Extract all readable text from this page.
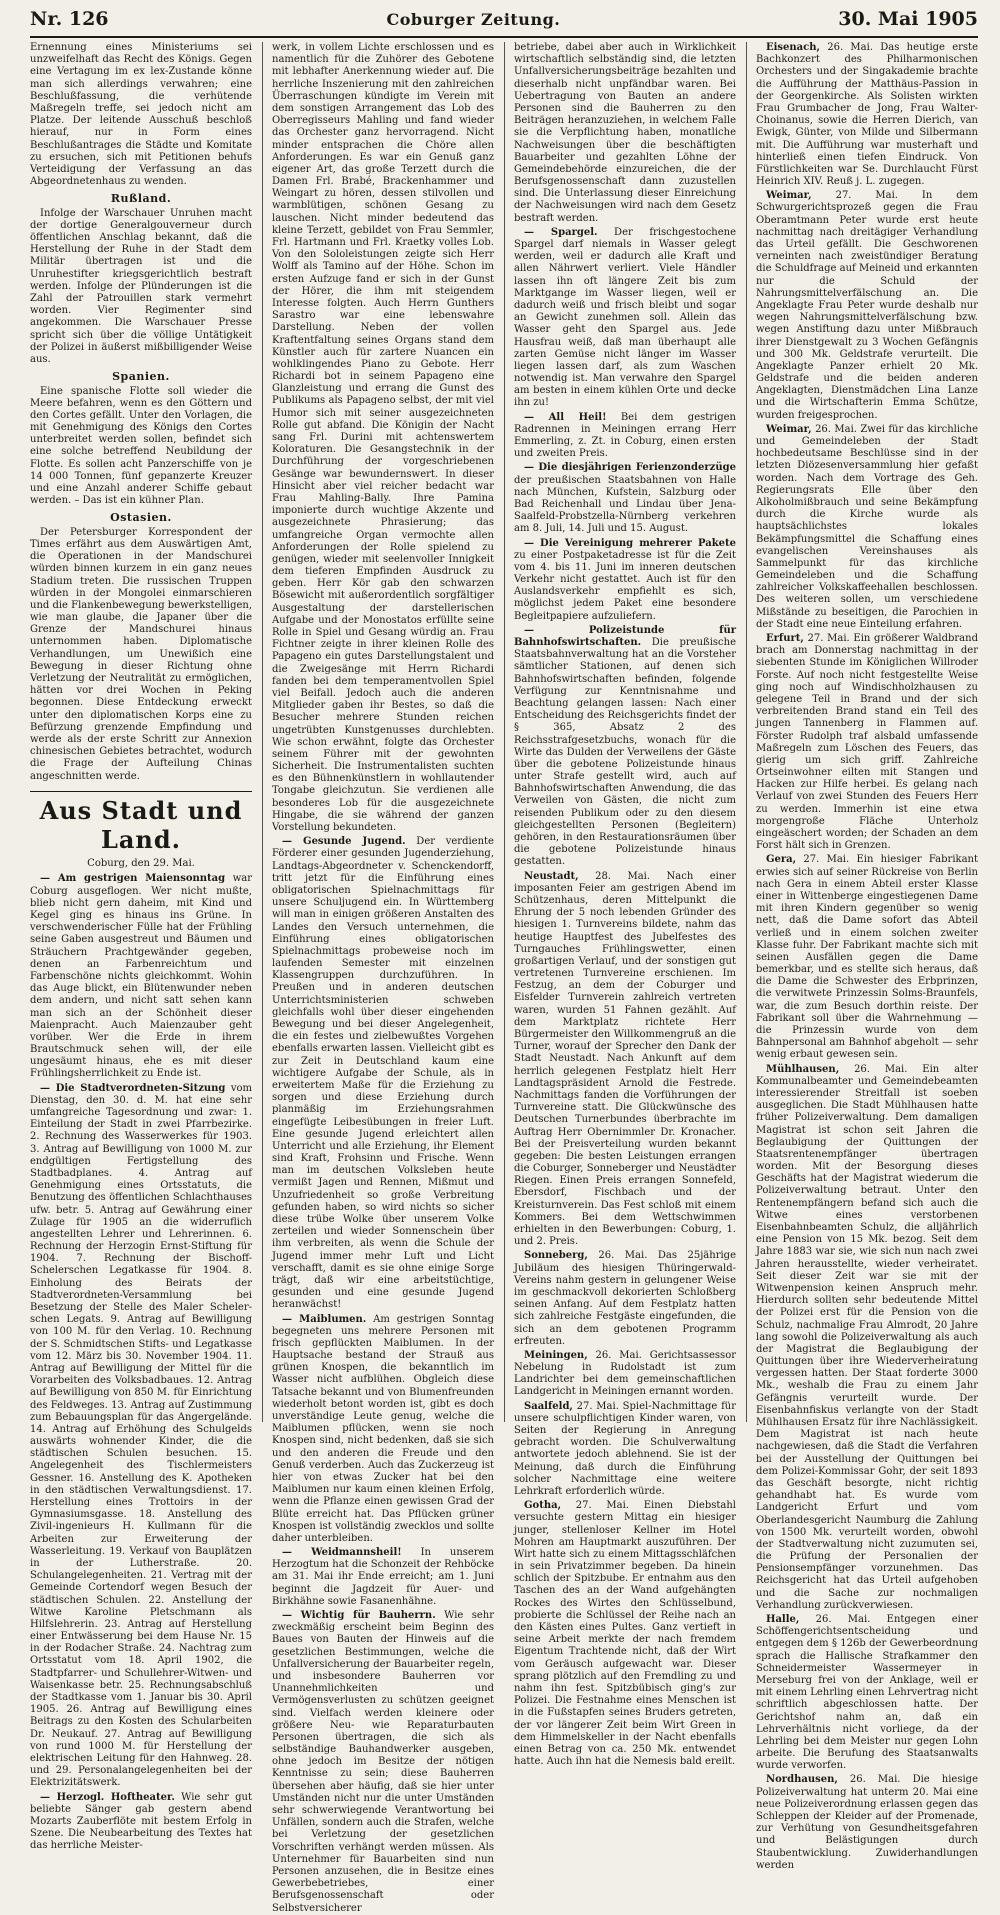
Nr. 126	Coburger Zeitung.	30. Mai 1905

Ernennung eines Ministeriums sei unzweifelhaft das Recht des Königs. Gegen eine Vertagung im ex lex-Zustande könne man sich allerdings verwahren; eine Beschlußfassung, die verhütende Maßregeln treffe, sei jedoch nicht am Platze. Der leitende Ausschuß beschloß hierauf, nur in Form eines Beschlußantrages die Städte und Komitate zu ersuchen, sich mit Petitionen behufs Verteidigung der Verfassung an das Abgeordnetenhaus zu wenden.

Rußland.

Infolge der Warschauer Unruhen macht der dortige Generalgouverneur durch öffentlichen Anschlag bekannt, daß die Herstellung der Ruhe in der Stadt dem Militär übertragen ist und die Unruhestifter kriegsgerichtlich bestraft werden. Infolge der Plünderungen ist die Zahl der Patrouillen stark vermehrt worden. Vier Regimenter sind angekommen. Die Warschauer Presse spricht sich über die völlige Untätigkeit der Polizei in äußerst mißbilligender Weise aus.

Spanien.

Eine spanische Flotte soll wieder die Meere befahren, wenn es den Göttern und den Cortes gefällt. Unter den Vorlagen, die mit Genehmigung des Königs den Cortes unterbreitet werden sollen, befindet sich eine solche betreffend Neubildung der Flotte. Es sollen acht Panzerschiffe von je 14 000 Tonnen, fünf gepanzerte Kreuzer und eine Anzahl anderer Schiffe gebaut werden. – Das ist ein kühner Plan.

Ostasien.

Der Petersburger Korrespondent der Times erfährt aus dem Auswärtigen Amt, die Operationen in der Mandschurei würden binnen kurzem in ein ganz neues Stadium treten. Die russischen Truppen würden in der Mongolei einmarschieren und die Flankenbewegung bewerkstelligen, wie man glaube, die Japaner über die Grenze der Mandschurei hinaus unternommen haben. Diplomatische Verhandlungen, um Unewißich eine Bewegung in dieser Richtung ohne Verletzung der Neutralität zu ermöglichen, hätten vor drei Wochen in Peking begonnen. Diese Entdeckung erweckt unter den diplomatischen Korps eine zu Befürzung grenzende Empfindung und werde als der erste Schritt zur Annexion chinesischen Gebietes betrachtet, wodurch die Frage der Aufteilung Chinas angeschnitten werde.

Aus Stadt und Land.
Coburg, den 29. Mai.

— Am gestrigen Maiensonntag war Coburg ausgeflogen. Wer nicht mußte, blieb nicht gern daheim, mit Kind und Kegel ging es hinaus ins Grüne. In verschwenderischer Fülle hat der Frühling seine Gaben ausgestreut und Bäumen und Sträuchern Prachtgewänder gegeben, denen an Farbenreichtum und Farbenschöne nichts gleichkommt. Wohin das Auge blickt, ein Blütenwunder neben dem andern, und nicht satt sehen kann man sich an der Schönheit dieser Maienpracht. Auch Maienzauber geht vorüber. Wer die Erde in ihrem Brautschmuck sehen will, der eile ungesäumt hinaus, ehe es mit dieser Frühlingsherrlichkeit zu Ende ist.

— Die Stadtverordneten-Sitzung vom Dienstag, den 30. d. M. hat eine sehr umfangreiche Tagesordnung und zwar: 1. Einteilung der Stadt in zwei Pfarrbezirke. 2. Rechnung des Wasserwerkes für 1903. 3. Antrag auf Bewilligung von 1000 M. zur endgültigen Fertigstellung des Stadtbadplanes. 4. Antrag auf Genehmigung eines Ortsstatuts, die Benutzung des öffentlichen Schlachthauses ufw. betr. 5. Antrag auf Gewährung einer Zulage für 1905 an die widerruflich angestellten Lehrer und Lehrerinnen. 6. Rechnung der Herzogin Ernst-Stiftung für 1904. 7. Rechnung der Bischoff-Schelerschen Legatkasse für 1904. 8. Einholung des Beirats der Stadtverordneten-Versammlung bei Besetzung der Stelle des Maler Scheler-schen Legats. 9. Antrag auf Bewilligung von 100 M. für den Verlag. 10. Rechnung der S. Schmidtschen Stifts- und Legatkasse vom 12. März bis 30. November 1904. 11. Antrag auf Bewilligung der Mittel für die Vorarbeiten des Volksbadbaues. 12. Antrag auf Bewilligung von 850 M. für Einrichtung des Feldweges. 13. Antrag auf Zustimmung zum Bebauungsplan für das Angergelände. 14. Antrag auf Erhöhung des Schulgelds auswärts wohnender Kinder, die die städtischen Schulen besuchen. 15. Angelegenheit des Tischlermeisters Gessner. 16. Anstellung des K. Apotheken in den städtischen Verwaltungsdienst. 17. Herstellung eines Trottoirs in der Gymnasiumsgasse. 18. Anstellung des Zivil-ingenieurs H. Kullmann für die Arbeiten zur Erweiterung der Wasserleitung. 19. Verkauf von Bauplätzen in der Lutherstraße. 20. Schulangelegenheiten. 21. Vertrag mit der Gemeinde Cortendorf wegen Besuch der städtischen Schulen. 22. Anstellung der Witwe Karoline Pletschmann als Hilfslehrerin. 23. Antrag auf Herstellung einer Entwässerung bei dem Hause Nr. 15 in der Rodacher Straße. 24. Nachtrag zum Ortsstatut vom 18. April 1902, die Stadtpfarrer- und Schullehrer-Witwen- und Waisenkasse betr. 25. Rechnungsabschluß der Stadtkasse vom 1. Januar bis 30. April 1905. 26. Antrag auf Bewilligung eines Beitrags zu den Kosten des Schularbeiten Dr. Neukauf. 27. Antrag auf Bewilligung von rund 1000 M. für Herstellung der elektrischen Leitung für den Hahnweg. 28. und 29. Personalangelegenheiten bei der Elektrizitätswerk.

— Herzogl. Hoftheater. Wie sehr gut beliebte Sänger gab gestern abend Mozarts Zauberflöte mit bestem Erfolg in Szene. Die Neubearbeitung des Textes hat das herrliche Meister-

werk, in vollem Lichte erschlossen und es namentlich für die Zuhörer des Gebotene mit lebhafter Anerkennung wieder auf. Die herrliche Inszenierung mit den zahlreichen Überraschungen kündigte im Verein mit dem sonstigen Arrangement das Lob des Oberregisseurs Mahling und fand wieder das Orchester ganz hervorragend. Nicht minder entsprachen die Chöre allen Anforderungen. Es war ein Genuß ganz eigener Art, das große Terzett durch die Damen Frl. Brabé, Brackenhammer und Weingart zu hören, dessen stilvollen und warmblütigen, schönen Gesang zu lauschen. Nicht minder bedeutend das kleine Terzett, gebildet von Frau Semmler, Frl. Hartmann und Frl. Kraetky volles Lob. Von den Sololeistungen zeigte sich Herr Wolff als Tamino auf der Höhe. Schon im ersten Aufzuge fand er sich in der Gunst der Hörer, die ihm mit steigendem Interesse folgten. Auch Herrn Gunthers Sarastro war eine lebenswahre Darstellung. Neben der vollen Kraftentfaltung seines Organs stand dem Künstler auch für zartere Nuancen ein wohlklingendes Piano zu Gebote. Herr Richardi bot in seinem Papageno eine Glanzleistung und errang die Gunst des Publikums als Papageno selbst, der mit viel Humor sich mit seiner ausgezeichneten Rolle gut abfand. Die Königin der Nacht sang Frl. Durini mit achtenswertem Koloraturen. Die Gesangstechnik in der Durchführung der vorgeschriebenen Gesänge war bewundernswert. In dieser Hinsicht aber viel reicher bedacht war Frau Mahling-Bally. Ihre Pamina imponierte durch wuchtige Akzente und ausgezeichnete Phrasierung; das umfangreiche Organ vermochte allen Anforderungen der Rolle spielend zu genügen, wieder mit seelenvoller Innigkeit dem tieferen Empfinden Ausdruck zu geben. Herr Kör gab den schwarzen Bösewicht mit außerordentlich sorgfältiger Ausgestaltung der darstellerischen Aufgabe und der Monostatos erfüllte seine Rolle in Spiel und Gesang würdig an. Frau Fichtner zeigte in ihrer kleinen Rolle des Papageno ein gutes Darstellungstalent und die Zweigesänge mit Herrn Richardi fanden bei dem temperamentvollen Spiel viel Beifall. Jedoch auch die anderen Mitglieder gaben ihr Bestes, so daß die Besucher mehrere Stunden reichen ungetrübten Kunstgenusses durchlebten. Wie schon erwähnt, folgte das Orchester seinem Führer mit der gewohnten Sicherheit. Die Instrumentalisten suchten es den Bühnenkünstlern in wohllautender Tongabe gleichzutun. Sie verdienen alle besonderes Lob für die ausgezeichnete Hingabe, die sie während der ganzen Vorstellung bekundeten.

— Gesunde Jugend. Der verdiente Förderer einer gesunden Jugenderziehung, Landtags-Abgeordneter v. Schenckendorff, tritt jetzt für die Einführung eines obligatorischen Spielnachmittags für unsere Schuljugend ein. In Württemberg will man in einigen größeren Anstalten des Landes den Versuch unternehmen, die Einführung eines obligatorischen Spielnachmittags probeweise noch im laufenden Semester mit einzelnen Klassengruppen durchzuführen. In Preußen und in anderen deutschen Unterrichtsministerien schweben gleichfalls wohl über dieser eingehenden Bewegung und bei dieser Angelegenheit, die ein festes und zielbewußtes Vorgehen ebenfalls erwarten lassen. Vielleicht gibt es zur Zeit in Deutschland kaum eine wichtigere Aufgabe der Schule, als in erweitertem Maße für die Erziehung zu sorgen und diese Erziehung durch planmäßig im Erziehungsrahmen eingefügte Leibesübungen in freier Luft. Eine gesunde Jugend erleichtert allen Unterricht und alle Erziehung, ihr Element sind Kraft, Frohsinn und Frische. Wenn man im deutschen Volksleben heute vermißt Jagen und Rennen, Mißmut und Unzufriedenheit so große Verbreitung gefunden haben, so wird nichts so sicher diese trübe Wolke über unserem Volke zerteilen und wieder Sonnenschein über ihm verbreiten, als wenn die Schule der Jugend immer mehr Luft und Licht verschafft, damit es sie ohne einige Sorge trägt, daß wir eine arbeitstüchtige, gesunden und eine gesunde Jugend heranwächst!

— Maiblumen. Am gestrigen Sonntag begegneten uns mehrere Personen mit frisch gepflückten Maiblumen. In der Hauptsache bestand der Strauß aus grünen Knospen, die bekanntlich im Wasser nicht aufblühen. Obgleich diese Tatsache bekannt und von Blumenfreunden wiederholt betont worden ist, gibt es doch unverständige Leute genug, welche die Maiblumen pflücken, wenn sie noch Knospen sind, nicht bedenken, daß sie sich und den anderen die Freude und den Genuß verderben. Auch das Zuckerzeug ist hier von etwas Zucker hat bei den Maiblumen nur kaum einen kleinen Erfolg, wenn die Pflanze einen gewissen Grad der Blüte erreicht hat. Das Pflücken grüner Knospen ist vollständig zwecklos und sollte daher unterbleiben.

— Weidmannsheil! In unserem Herzogtum hat die Schonzeit der Rehböcke am 31. Mai ihr Ende erreicht; am 1. Juni beginnt die Jagdzeit für Auer- und Birkhähne sowie Fasanenhähne.

— Wichtig für Bauherrn. Wie sehr zweckmäßig erscheint beim Beginn des Baues von Bauten der Hinweis auf die gesetzlichen Bestimmungen, welche die Unfallversicherung der Bauarbeiter regeln, und insbesondere Bauherren vor Unannehmlichkeiten und Vermögensverlusten zu schützen geeignet sind. Vielfach werden kleinere oder größere Neu- wie Reparaturbauten Personen übertragen, die sich als selbständige Bauhandwerker ausgeben, ohne jedoch im Besitze der nötigen Kenntnisse zu sein; diese Bauherren übersehen aber häufig, daß sie hier unter Umständen nicht nur die unter Umständen sehr schwerwiegende Verantwortung bei Unfällen, sondern auch die Strafen, welche bei Verletzung der gesetzlichen Vorschriften verhängt werden müssen. Als Unternehmer für Bauarbeiten sind nun Personen anzusehen, die in Besitze eines Gewerbebetriebes, einer Berufsgenossenschaft oder Selbstversicherer

betriebe, dabei aber auch in Wirklichkeit wirtschaftlich selbständig sind, die letzten Unfallversicherungsbeiträge bezahlten und dieserhalb nicht unpfändbar waren. Bei Uebertragung von Bauten an andere Personen sind die Bauherren zu den Beiträgen heranzuziehen, in welchem Falle sie die Verpflichtung haben, monatliche Nachweisungen über die beschäftigten Bauarbeiter und gezahlten Löhne der Gemeindebehörde einzureichen, die der Berufsgenossenschaft dann zuzustellen sind. Die Unterlassung dieser Einreichung der Nachweisungen wird nach dem Gesetz bestraft werden.

— Spargel. Der frischgestochene Spargel darf niemals in Wasser gelegt werden, weil er dadurch alle Kraft und allen Nährwert verliert. Viele Händler lassen ihn oft längere Zeit bis zum Marktgange im Wasser liegen, weil er dadurch weiß und frisch bleibt und sogar an Gewicht zunehmen soll. Allein das Wasser geht den Spargel aus. Jede Hausfrau weiß, daß man überhaupt alle zarten Gemüse nicht länger im Wasser liegen lassen darf, als zum Waschen notwendig ist. Man verwahre den Spargel am besten in einem kühlen Orte und decke ihn zu!

— All Heil! Bei dem gestrigen Radrennen in Meiningen errang Herr Emmerling, z. Zt. in Coburg, einen ersten und zweiten Preis.

— Die diesjährigen Ferienzonderzüge der preußischen Staatsbahnen von Halle nach München, Kufstein, Salzburg oder Bad Reichenhall und Lindau über Jena-Saalfeld-Probstzella-Nürnberg verkehren am 8. Juli, 14. Juli und 15. August.

— Die Vereinigung mehrerer Pakete zu einer Postpaketadresse ist für die Zeit vom 4. bis 11. Juni im inneren deutschen Verkehr nicht gestattet. Auch ist für den Auslandsverkehr empfiehlt es sich, möglichst jedem Paket eine besondere Begleitpapiere aufzuliefern.

— Polizeistunde für Bahnhofswirtschaften. Die preußische Staatsbahnverwaltung hat an die Vorsteher sämtlicher Stationen, auf denen sich Bahnhofswirtschaften befinden, folgende Verfügung zur Kenntnisnahme und Beachtung gelangen lassen: Nach einer Entscheidung des Reichsgerichts findet der § 365, Absatz 2 des Reichsstrafgesetzbuchs, wonach für die Wirte das Dulden der Verweilens der Gäste über die gebotene Polizeistunde hinaus unter Strafe gestellt wird, auch auf Bahnhofswirtschaften Anwendung, die das Verweilen von Gästen, die nicht zum reisenden Publikum oder zu den diesem gleichgestellten Personen (Begleitern) gehören, in den Restaurationsräumen über die gebotene Polizeistunde hinaus gestatten.

Neustadt, 28. Mai. Nach einer imposanten Feier am gestrigen Abend im Schützenhaus, deren Mittelpunkt die Ehrung der 5 noch lebenden Gründer des hiesigen 1. Turnvereins bildete, nahm das heutige Hauptfest des Jubelfestes des Turngauches Frühlingswetter, einen großartigen Verlauf, und der sonstigen gut vertretenen Turnvereine erschienen. Im Festzug, an dem der Coburger und Eisfelder Turnverein zahlreich vertreten waren, wurden 51 Fahnen gezählt. Auf dem Marktplatz richtete Herr Bürgermeister den Willkommengruß an die Turner, worauf der Sprecher den Dank der Stadt Neustadt. Nach Ankunft auf dem herrlich gelegenen Festplatz hielt Herr Landtagspräsident Arnold die Festrede. Nachmittags fanden die Vorführungen der Turnvereine statt. Die Glückwünsche des Deutschen Turnerbundes überbrachte im Auftrag Herr Obernimmler Dr. Kronacher. Bei der Preisverteilung wurden bekannt gegeben: Die besten Leistungen errangen die Coburger, Sonneberger und Neustädter Riegen. Einen Preis errangen Sonnefeld, Ebersdorf, Fischbach und der Kreisturnverein. Das Fest schloß mit einem Kommers. Bei dem Wettschwimmen erhielten in den Bewerbungen: Coburg, 1. und 2. Preis.

Sonneberg, 26. Mai. Das 25jährige Jubiläum des hiesigen Thüringerwald-Vereins nahm gestern in gelungener Weise im geschmackvoll dekorierten Schloßberg seinen Anfang. Auf dem Festplatz hatten sich zahlreiche Festgäste eingefunden, die sich an dem gebotenen Programm erfreuten.

Meiningen, 26. Mai. Gerichtsassessor Nebelung in Rudolstadt ist zum Landrichter bei dem gemeinschaftlichen Landgericht in Meiningen ernannt worden.

Saalfeld, 27. Mai. Spiel-Nachmittage für unsere schulpflichtigen Kinder waren, von Seiten der Regierung in Anregung gebracht worden. Die Schulverwaltung antwortete jedoch ablehnend. Sie ist der Meinung, daß durch die Einführung solcher Nachmittage eine weitere Lehrkraft erforderlich würde.

Gotha, 27. Mai. Einen Diebstahl versuchte gestern Mittag ein hiesiger junger, stellenloser Kellner im Hotel Mohren am Hauptmarkt auszuführen. Der Wirt hatte sich zu einem Mittagsschläfchen in sein Privatzimmer begeben. Da hinein schlich der Spitzbube. Er entnahm aus den Taschen des an der Wand aufgehängten Rockes des Wirtes den Schlüsselbund, probierte die Schlüssel der Reihe nach an den Kästen eines Pultes. Ganz vertieft in seine Arbeit merkte der nach fremdem Eigentum Trachtende nicht, daß der Wirt vom Geräusch aufgewacht war. Dieser sprang plötzlich auf den Fremdling zu und nahm ihn fest. Spitzbübisch ging's zur Polizei. Die Festnahme eines Menschen ist in die Fußstapfen seines Bruders getreten, der vor längerer Zeit beim Wirt Green in dem Himmelskeller in der Nacht ebenfalls einen Betrag von ca. 250 Mk. entwendet hatte. Auch ihn hat die Nemesis bald ereilt.

Eisenach, 26. Mai. Das heutige erste Bachkonzert des Philharmonischen Orchesters und der Singakademie brachte die Aufführung der Matthäus-Passion in der Georgenkirche. Als Solisten wirkten Frau Grumbacher de Jong, Frau Walter-Choinanus, sowie die Herren Dierich, van Ewigk, Günter, von Milde und Silbermann mit. Die Aufführung war musterhaft und hinterließ einen tiefen Eindruck. Von Fürstlichkeiten war Se. Durchlaucht Fürst Heinrich XIV. Reuß j. L. zugegen.

Weimar, 27. Mai. In dem Schwurgerichtsprozeß gegen die Frau Oberamtmann Peter wurde erst heute nachmittag nach dreitägiger Verhandlung das Urteil gefällt. Die Geschworenen verneinten nach zweistündiger Beratung die Schuldfrage auf Meineid und erkannten nur die Schuld der Nahrungsmittelverfälschung an. Die Angeklagte Frau Peter wurde deshalb nur wegen Nahrungsmittelverfälschung bzw. wegen Anstiftung dazu unter Mißbrauch ihrer Dienstgewalt zu 3 Wochen Gefängnis und 300 Mk. Geldstrafe verurteilt. Die Angeklagte Panzer erhielt 20 Mk. Geldstrafe und die beiden anderen Angeklagten, Dienstmädchen Lina Lanze und die Wirtschafterin Emma Schütze, wurden freigesprochen.

Weimar, 26. Mai. Zwei für das kirchliche und Gemeindeleben der Stadt hochbedeutsame Beschlüsse sind in der letzten Diözesenversammlung hier gefaßt worden. Nach dem Vortrage des Geh. Regierungsrats Elle über den Alkoholmißbrauch und seine Bekämpfung durch die Kirche wurde als hauptsächlichstes lokales Bekämpfungsmittel die Schaffung eines evangelischen Vereinshauses als Sammelpunkt für das kirchliche Gemeindeleben und die Schaffung zahlreicher Volkskaffeehallen beschlossen. Des weiteren sollen, um verschiedene Mißstände zu beseitigen, die Parochien in der Stadt eine neue Einteilung erfahren.

Erfurt, 27. Mai. Ein größerer Waldbrand brach am Donnerstag nachmittag in der siebenten Stunde im Königlichen Willroder Forste. Auf noch nicht festgestellte Weise ging noch auf Windischholzhausen zu gelegene Teil in Brand und der sich verbreitenden Brand stand ein Teil des jungen Tannenberg in Flammen auf. Förster Rudolph traf alsbald umfassende Maßregeln zum Löschen des Feuers, das gierig um sich griff. Zahlreiche Ortseinwohner eilten mit Stangen und Hacken zur Hilfe herbei. Es gelang nach Verlauf von zwei Stunden des Feuers Herr zu werden. Immerhin ist eine etwa morgengroße Fläche Unterholz eingeäschert worden; der Schaden an dem Forst hält sich in Grenzen.

Gera, 27. Mai. Ein hiesiger Fabrikant erwies sich auf seiner Rückreise von Berlin nach Gera in einem Abteil erster Klasse einer in Wittenberge eingestiegenen Dame mit ihren Kindern gegenüber so wenig nett, daß die Dame sofort das Abteil verließ und in einem solchen zweiter Klasse fuhr. Der Fabrikant machte sich mit seinen Ausfällen gegen die Dame bemerkbar, und es stellte sich heraus, daß die Dame die Schwester des Erbprinzen, die verwitwete Prinzessin Solms-Braunfels, war, die zum Besuch dorthin reiste. Der Fabrikant soll über die Wahrnehmung — die Prinzessin wurde von dem Bahnpersonal am Bahnhof abgeholt — sehr wenig erbaut gewesen sein.

Mühlhausen, 26. Mai. Ein alter Kommunalbeamter und Gemeindebeamten interessierender Streitfall ist soeben ausgeglichen. Die Stadt Mühlhausen hatte früher Polizeiverwaltung. Dem damaligen Magistrat ist schon seit Jahren die Beglaubigung der Quittungen der Staatsrentenempfänger übertragen worden. Mit der Besorgung dieses Geschäfts hat der Magistrat wiederum die Polizeiverwaltung betraut. Unter den Rentenempfängern befand sich auch die Witwe eines verstorbenen Eisenbahnbeamten Schulz, die alljährlich eine Pension von 15 Mk. bezog. Seit dem Jahre 1883 war sie, wie sich nun nach zwei Jahren herausstellte, wieder verheiratet. Seit dieser Zeit war sie mit der Witwenpension keinen Anspruch mehr. Hierdurch sollten sehr bedeutende Mittel der Polizei erst für die Pension von die Schulz, nachmalige Frau Almrodt, 20 Jahre lang sowohl die Polizeiverwaltung als auch der Magistrat die Beglaubigung der Quittungen über ihre Wiederverheiratung vergessen hatten. Der Staat forderte 3000 Mk., weshalb die Frau zu einem Jahr Gefängnis verurteilt wurde. Der Eisenbahnfiskus verlangte von der Stadt Mühlhausen Ersatz für ihre Nachlässigkeit. Dem Magistrat ist nach heute nachgewiesen, daß die Stadt die Verfahren bei der Ausstellung der Quittungen bei dem Polizei-Kommissar Gohr, der seit 1893 das Geschäft besorgte, nicht richtig gehandhabt hat. Es wurde vom Landgericht Erfurt und vom Oberlandesgericht Naumburg die Zahlung von 1500 Mk. verurteilt worden, obwohl der Stadtverwaltung nicht zuzumuten sei, die Prüfung der Personalien der Pensionsempfänger vorzunehmen. Das Reichsgericht hat das Urteil aufgehoben und die Sache zur nochmaligen Verhandlung zurückverwiesen.

Halle, 26. Mai. Entgegen einer Schöffengerichtsentscheidung und entgegen dem § 126b der Gewerbeordnung sprach die Hallische Strafkammer den Schneidermeister Wassermeyer in Merseburg frei von der Anklage, weil er mit einem Lehrling einen Lehrvertrag nicht schriftlich abgeschlossen hatte. Der Gerichtshof nahm an, daß ein Lehrverhältnis nicht vorliege, da der Lehrling bei dem Meister nur gegen Lohn arbeite. Die Berufung des Staatsanwalts wurde verworfen.

Nordhausen, 26. Mai. Die hiesige Polizeiverwaltung hat unterm 20. Mai eine neue Polizeiverordnung erlassen gegen das Schleppen der Kleider auf der Promenade, zur Verhütung von Gesundheitsgefahren und Belästigungen durch Staubentwicklung. Zuwiderhandlungen werden
